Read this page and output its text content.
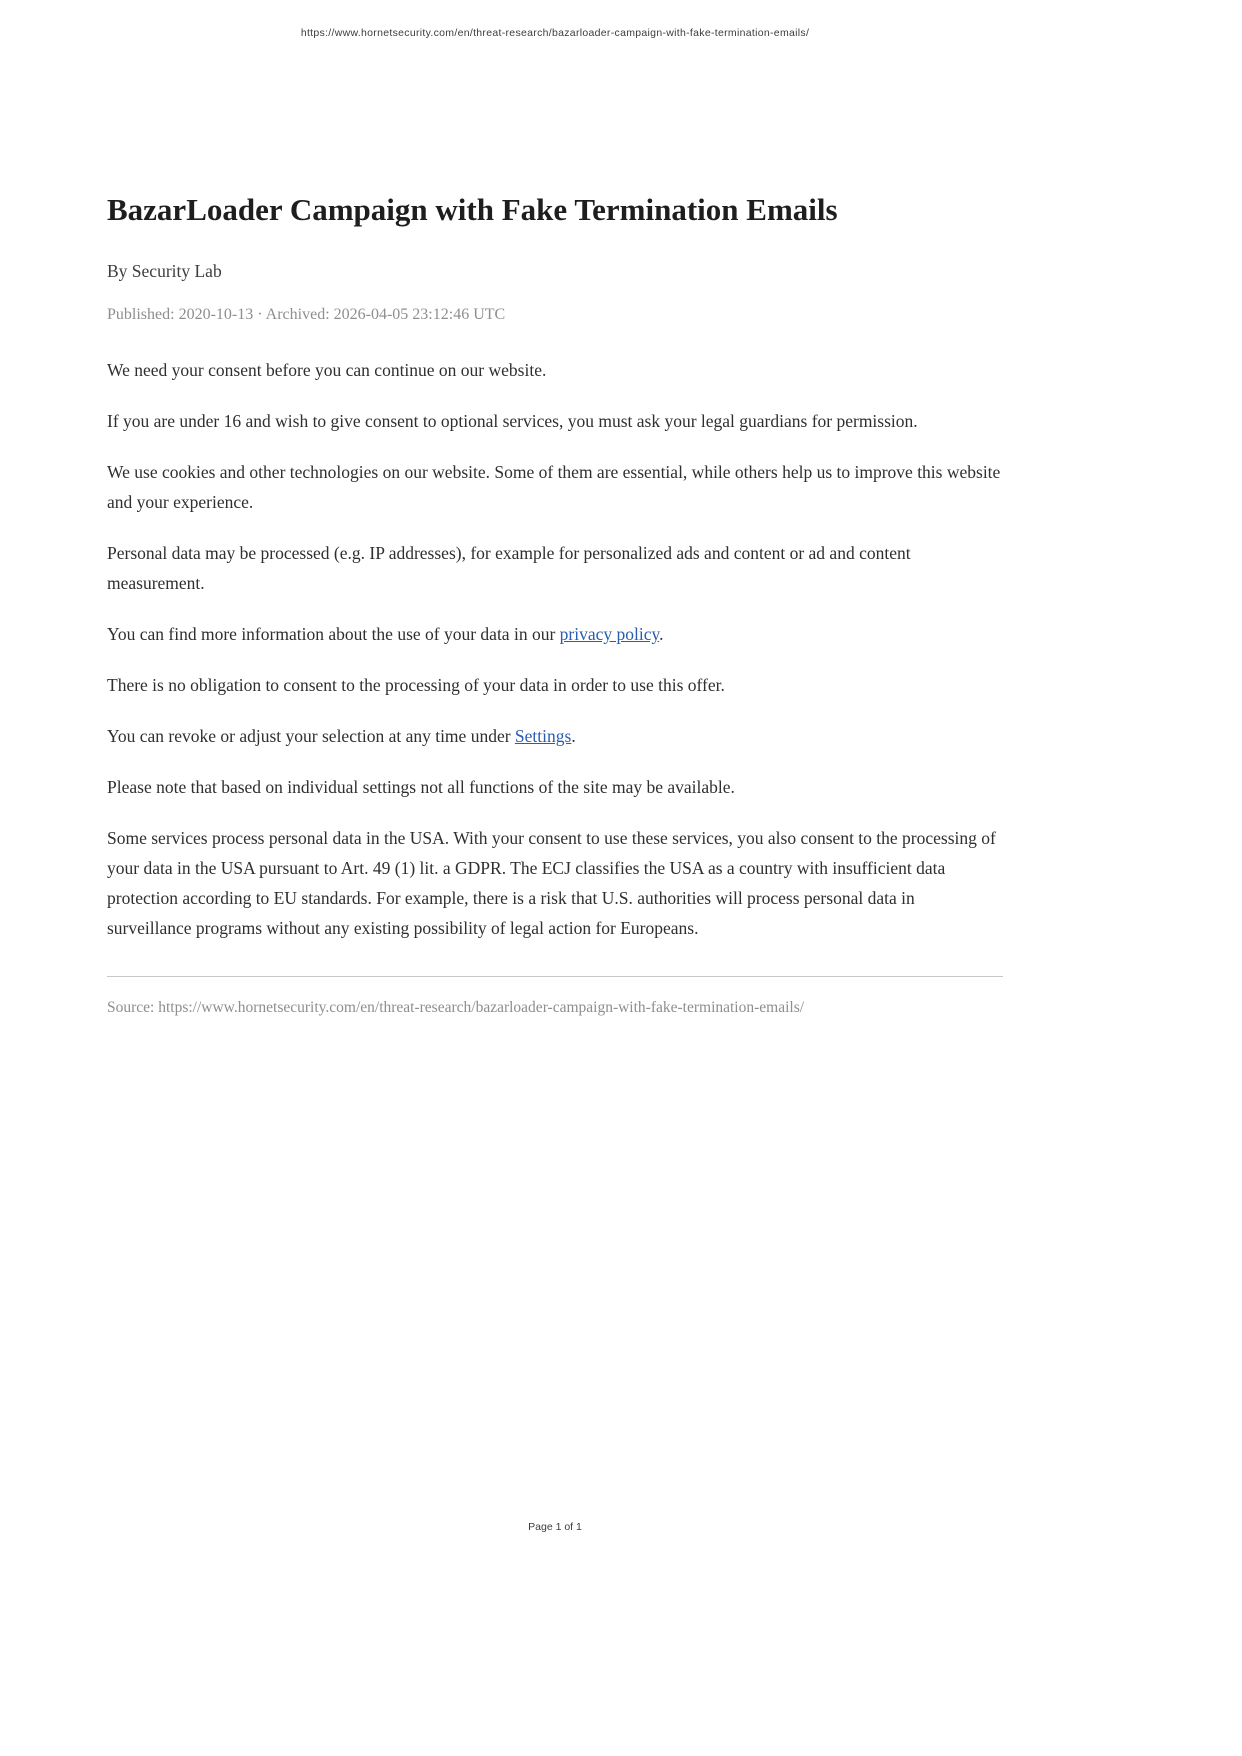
https://www.hornetsecurity.com/en/threat-research/bazarloader-campaign-with-fake-termination-emails/
BazarLoader Campaign with Fake Termination Emails

By Security Lab

Published: 2020-10-13 · Archived: 2026-04-05 23:12:46 UTC

We need your consent before you can continue on our website.

If you are under 16 and wish to give consent to optional services, you must ask your legal guardians for permission.

We use cookies and other technologies on our website. Some of them are essential, while others help us to improve this website and your experience.

Personal data may be processed (e.g. IP addresses), for example for personalized ads and content or ad and content measurement.

You can find more information about the use of your data in our privacy policy.

There is no obligation to consent to the processing of your data in order to use this offer.

You can revoke or adjust your selection at any time under Settings.

Please note that based on individual settings not all functions of the site may be available.

Some services process personal data in the USA. With your consent to use these services, you also consent to the processing of your data in the USA pursuant to Art. 49 (1) lit. a GDPR. The ECJ classifies the USA as a country with insufficient data protection according to EU standards. For example, there is a risk that U.S. authorities will process personal data in surveillance programs without any existing possibility of legal action for Europeans.

Source: https://www.hornetsecurity.com/en/threat-research/bazarloader-campaign-with-fake-termination-emails/

Page 1 of 1
